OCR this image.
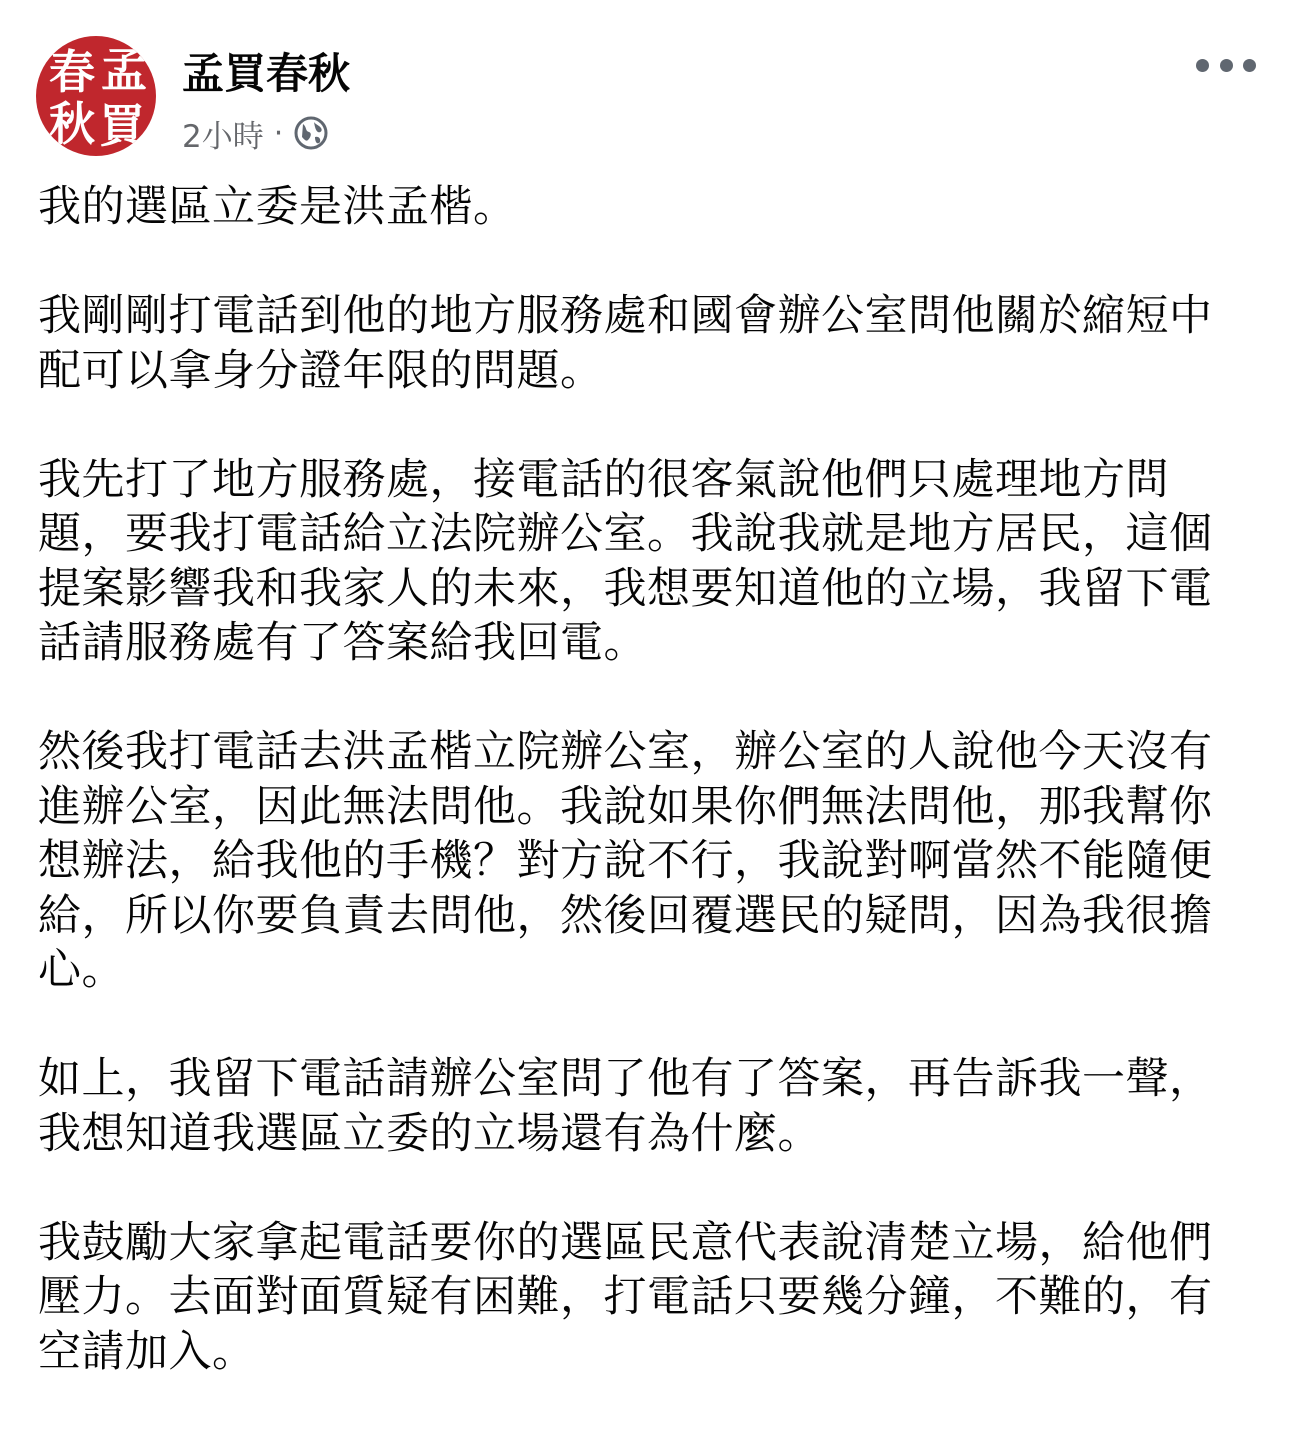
春 孟
秋 買
孟買春秋
2小時 ·

我的選區立委是洪孟楷。

我剛剛打電話到他的地方服務處和國會辦公室問他關於縮短中配可以拿身分證年限的問題。

我先打了地方服務處，接電話的很客氣說他們只處理地方問題，要我打電話給立法院辦公室。我說我就是地方居民，這個提案影響我和我家人的未來，我想要知道他的立場，我留下電話請服務處有了答案給我回電。

然後我打電話去洪孟楷立院辦公室，辦公室的人說他今天沒有進辦公室，因此無法問他。我說如果你們無法問他，那我幫你想辦法，給我他的手機？對方說不行，我說對啊當然不能隨便給，所以你要負責去問他，然後回覆選民的疑問，因為我很擔心。

如上，我留下電話請辦公室問了他有了答案，再告訴我一聲，我想知道我選區立委的立場還有為什麼。

我鼓勵大家拿起電話要你的選區民意代表說清楚立場，給他們壓力。去面對面質疑有困難，打電話只要幾分鐘，不難的，有空請加入。
